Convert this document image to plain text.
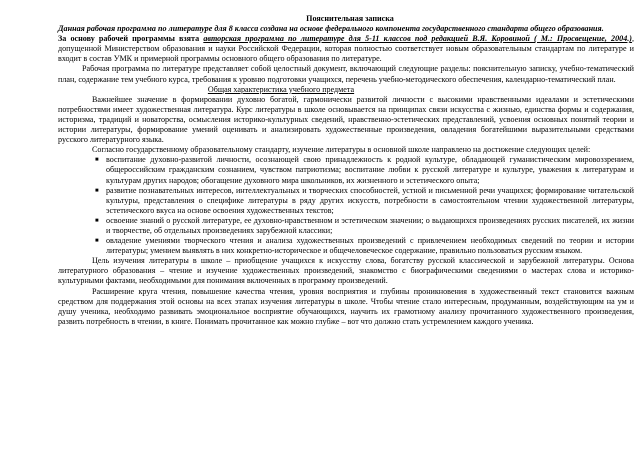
Пояснительная записка

Данная рабочая программа по литературе для 8 класса создана на основе федерального компонента государственного стандарта общего образования.

За основу рабочей программы взята авторская программа по литературе для 5-11 классов под редакцией В.Я. Коровиной ( М.: Просвещение, 2004.), допущенной Министерством образования и науки Российской Федерации, которая полностью соответствует новым образовательным стандартам по литературе и входит в состав УМК и примерной программы основного общего образования по литературе.

Рабочая программа по литературе представляет собой целостный документ, включающий следующие разделы: пояснительную записку, учебно-тематический план, содержание тем учебного курса, требования к уровню подготовки учащихся, перечень учебно-методического обеспечения, календарно-тематический план.

Общая характеристика учебного предмета

Важнейшее значение в формировании духовно богатой, гармонически развитой личности с высокими нравственными идеалами и эстетическими потребностями имеет художественная литература. Курс литературы в школе основывается на принципах связи искусства с жизнью, единства формы и содержания, историзма, традиций и новаторства, осмысления историко-культурных сведений, нравственно-эстетических представлений, усвоения основных понятий теории и истории литературы, формирование умений оценивать и анализировать художественные произведения, овладения богатейшими выразительными средствами русского литературного языка.

Согласно государственному образовательному стандарту, изучение литературы в основной школе направлено на достижение следующих целей:

■ воспитание духовно-развитой личности, осознающей свою принадлежность к родной культуре, обладающей гуманистическим мировоззрением, общероссийским гражданским сознанием, чувством патриотизма; воспитание любви к русской литературе и культуре, уважения к литературам и культурам других народов; обогащение духовного мира школьников, их жизненного и эстетического опыта;
■ развитие познавательных интересов, интеллектуальных и творческих способностей, устной и письменной речи учащихся; формирование читательской культуры, представления о специфике литературы в ряду других искусств, потребности в самостоятельном чтении художественной литературы, эстетического вкуса на основе освоения художественных текстов;
■ освоение знаний о русской литературе, ее духовно-нравственном и эстетическом значении; о выдающихся произведениях русских писателей, их жизни и творчестве, об отдельных произведениях зарубежной классики;
■ овладение умениями творческого чтения и анализа художественных произведений с привлечением необходимых сведений по теории и истории литературы; умением выявлять в них конкретно-историческое и общечеловеческое содержание, правильно пользоваться русским языком.

Цель изучения литературы в школе – приобщение учащихся к искусству слова, богатству русской классической и зарубежной литературы. Основа литературного образования – чтение и изучение художественных произведений, знакомство с биографическими сведениями о мастерах слова и историко-культурными фактами, необходимыми для понимания включенных в программу произведений.

Расширение круга чтения, повышение качества чтения, уровня восприятия и глубины проникновения в художественный текст становится важным средством для поддержания этой основы на всех этапах изучения литературы в школе. Чтобы чтение стало интересным, продуманным, воздействующим на ум и душу ученика, необходимо развивать эмоциональное восприятие обучающихся, научить их грамотному анализу прочитанного художественного произведения, развить потребность в чтении, в книге. Понимать прочитанное как можно глубже – вот что должно стать устремлением каждого ученика.
